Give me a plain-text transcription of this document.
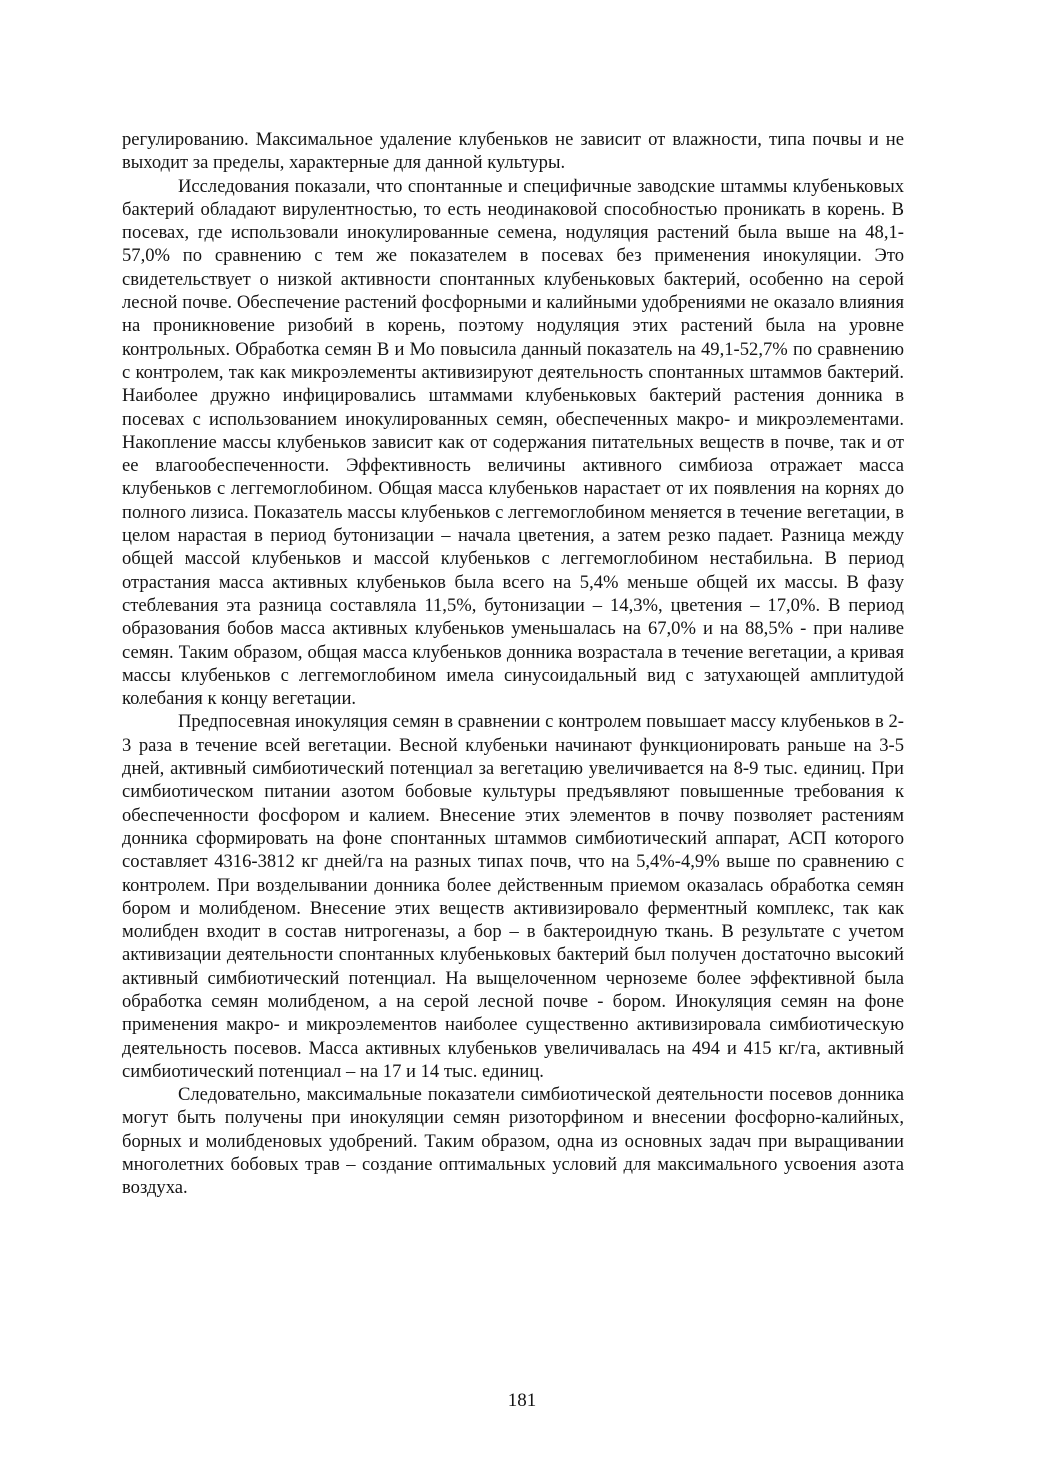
регулированию. Максимальное удаление клубеньков не зависит от влажности, типа почвы и не выходит за пределы, характерные для данной культуры.

Исследования показали, что спонтанные и специфичные заводские штаммы клубеньковых бактерий обладают вирулентностью, то есть неодинаковой способностью проникать в корень. В посевах, где использовали инокулированные семена, нодуляция растений была выше на 48,1-57,0% по сравнению с тем же показателем в посевах без применения инокуляции. Это свидетельствует о низкой активности спонтанных клубеньковых бактерий, особенно на серой лесной почве. Обеспечение растений фосфорными и калийными удобрениями не оказало влияния на проникновение ризобий в корень, поэтому нодуляция этих растений была на уровне контрольных. Обработка семян В и Мо повысила данный показатель на 49,1-52,7% по сравнению с контролем, так как микроэлементы активизируют деятельность спонтанных штаммов бактерий. Наиболее дружно инфицировались штаммами клубеньковых бактерий растения донника в посевах с использованием инокулированных семян, обеспеченных макро- и микроэлементами. Накопление массы клубеньков зависит как от содержания питательных веществ в почве, так и от ее влагообеспеченности. Эффективность величины активного симбиоза отражает масса клубеньков с леггемоглобином. Общая масса клубеньков нарастает от их появления на корнях до полного лизиса. Показатель массы клубеньков с леггемоглобином меняется в течение вегетации, в целом нарастая в период бутонизации – начала цветения, а затем резко падает. Разница между общей массой клубеньков и массой клубеньков с леггемоглобином нестабильна. В период отрастания масса активных клубеньков была всего на 5,4% меньше общей их массы. В фазу стеблевания эта разница составляла 11,5%, бутонизации – 14,3%, цветения – 17,0%. В период образования бобов масса активных клубеньков уменьшалась на 67,0% и на 88,5% - при наливе семян. Таким образом, общая масса клубеньков донника возрастала в течение вегетации, а кривая массы клубеньков с леггемоглобином имела синусоидальный вид с затухающей амплитудой колебания к концу вегетации.

Предпосевная инокуляция семян в сравнении с контролем повышает массу клубеньков в 2-3 раза в течение всей вегетации. Весной клубеньки начинают функционировать раньше на 3-5 дней, активный симбиотический потенциал за вегетацию увеличивается на 8-9 тыс. единиц. При симбиотическом питании азотом бобовые культуры предъявляют повышенные требования к обеспеченности фосфором и калием. Внесение этих элементов в почву позволяет растениям донника сформировать на фоне спонтанных штаммов симбиотический аппарат, АСП которого составляет 4316-3812 кг дней/га на разных типах почв, что на 5,4%-4,9% выше по сравнению с контролем. При возделывании донника более действенным приемом оказалась обработка семян бором и молибденом. Внесение этих веществ активизировало ферментный комплекс, так как молибден входит в состав нитрогеназы, а бор – в бактероидную ткань. В результате с учетом активизации деятельности спонтанных клубеньковых бактерий был получен достаточно высокий активный симбиотический потенциал. На выщелоченном черноземе более эффективной была обработка семян молибденом, а на серой лесной почве - бором. Инокуляция семян на фоне применения макро- и микроэлементов наиболее существенно активизировала симбиотическую деятельность посевов. Масса активных клубеньков увеличивалась на 494 и 415 кг/га, активный симбиотический потенциал – на 17 и 14 тыс. единиц.

Следовательно, максимальные показатели симбиотической деятельности посевов донника могут быть получены при инокуляции семян ризоторфином и внесении фосфорно-калийных, борных и молибденовых удобрений. Таким образом, одна из основных задач при выращивании многолетних бобовых трав – создание оптимальных условий для максимального усвоения азота воздуха.

181
